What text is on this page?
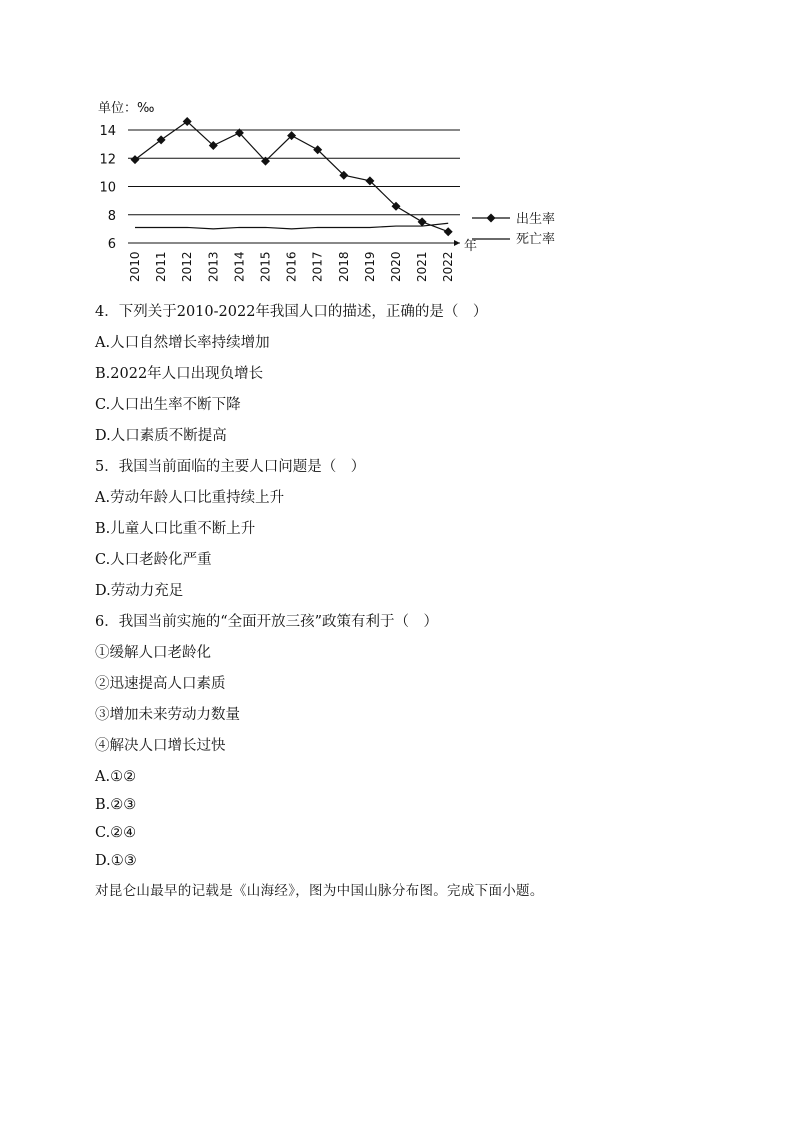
单位：‰
6
8
10
12
14
2010 2011 2012 2013 2014 2015 2016 2017 2018 2019 2020 2021 2022
年
出生率
死亡率
4．下列关于2010-2022年我国人口的描述，正确的是（　）
A.人口自然增长率持续增加
B.2022年人口出现负增长
C.人口出生率不断下降
D.人口素质不断提高
5．我国当前面临的主要人口问题是（　）
A.劳动年龄人口比重持续上升
B.儿童人口比重不断上升
C.人口老龄化严重
D.劳动力充足
6．我国当前实施的“全面开放三孩”政策有利于（　）
①缓解人口老龄化
②迅速提高人口素质
③增加未来劳动力数量
④解决人口增长过快
A.①②
B.②③
C.②④
D.①③
对昆仑山最早的记载是《山海经》，图为中国山脉分布图。完成下面小题。
